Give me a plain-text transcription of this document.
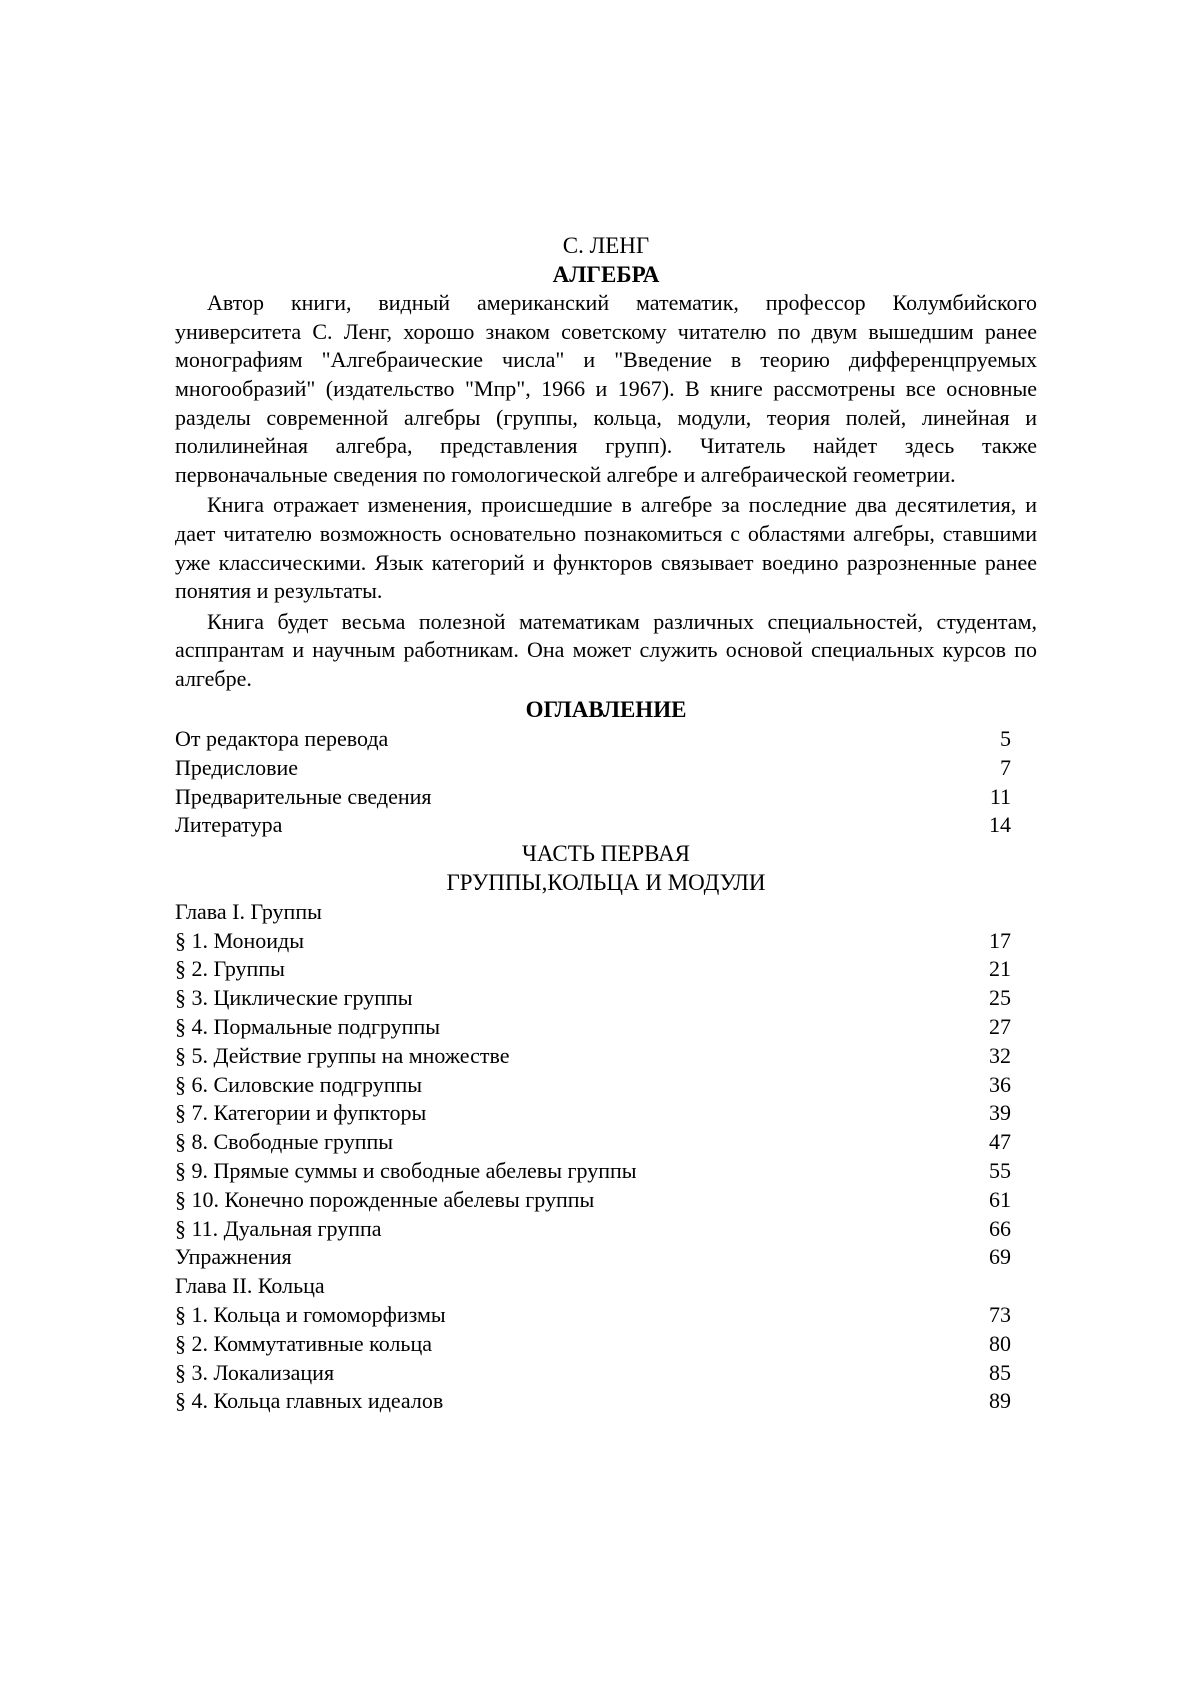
С. ЛЕНГ
АЛГЕБРА

Автор книги, видный американский математик, профессор Колумбийского университета С. Ленг, хорошо знаком советскому читателю по двум вышедшим ранее монографиям "Алгебраические числа" и "Введение в теорию дифференцпруемых многообразий" (издательство "Мпр", 1966 и 1967). В книге рассмотрены все основные разделы современной алгебры (группы, кольца, модули, теория полей, линейная и полилинейная алгебра, представления групп). Читатель найдет здесь также первоначальные сведения по гомологической алгебре и алгебраической геометрии.

Книга отражает изменения, происшедшие в алгебре за последние два десятилетия, и дает читателю возможность основательно познакомиться с областями алгебры, ставшими уже классическими. Язык категорий и функторов связывает воедино разрозненные ранее понятия и результаты.

Книга будет весьма полезной математикам различных специальностей, студентам, асппрантам и научным работникам. Она может служить основой специальных курсов по алгебре.

ОГЛАВЛЕНИЕ
От редактора перевода	5
Предисловие	7
Предварительные сведения	11
Литература	14
ЧАСТЬ ПЕРВАЯ
ГРУППЫ,КОЛЬЦА И МОДУЛИ
Глава I. Группы
§ 1. Моноиды	17
§ 2. Группы	21
§ 3. Циклические группы	25
§ 4. Пормальные подгруппы	27
§ 5. Действие группы на множестве	32
§ 6. Силовские подгруппы	36
§ 7. Категории и фупкторы	39
§ 8. Свободные группы	47
§ 9. Прямые суммы и свободные абелевы группы	55
§ 10. Конечно порожденные абелевы группы	61
§ 11. Дуальная группа	66
Упражнения	69
Глава II. Кольца
§ 1. Кольца и гомоморфизмы	73
§ 2. Коммутативные кольца	80
§ 3. Локализация	85
§ 4. Кольца главных идеалов	89
